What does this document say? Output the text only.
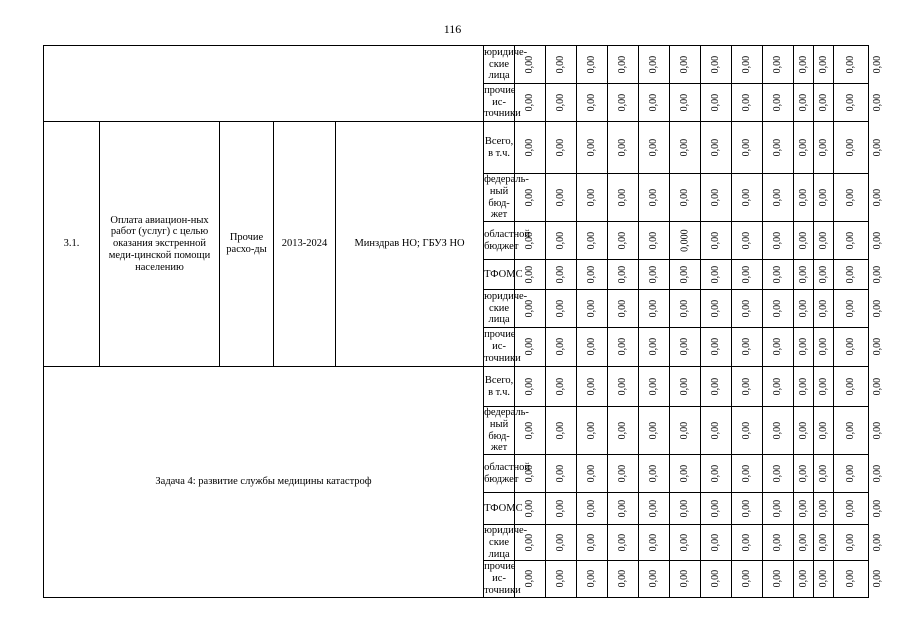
116
					юридиче-ские лица	0,00	0,00	0,00	0,00	0,00	0,00	0,00	0,00	0,00	0,00	0,00	0,00	0,00
					прочие ис-точники	0,00	0,00	0,00	0,00	0,00	0,00	0,00	0,00	0,00	0,00	0,00	0,00	0,00
3.1.	Оплата авиацион-ных работ (услуг) с целью оказания экстренной меди-цинской помощи населению	Прочие расхо-ды	2013-2024	Минздрав НО; ГБУЗ НО	Всего, в т.ч.	0,00	0,00	0,00	0,00	0,00	0,00	0,00	0,00	0,00	0,00	0,00	0,00	0,00
					федераль-ный бюд-жет	0,00	0,00	0,00	0,00	0,00	0,00	0,00	0,00	0,00	0,00	0,00	0,00	0,00
					областной бюджет	0,00	0,00	0,00	0,00	0,00	0,000	0,00	0,00	0,00	0,00	0,00	0,00	0,00
					ТФОМС	0,00	0,00	0,00	0,00	0,00	0,00	0,00	0,00	0,00	0,00	0,00	0,00	0,00
					юридиче-ские лица	0,00	0,00	0,00	0,00	0,00	0,00	0,00	0,00	0,00	0,00	0,00	0,00	0,00
					прочие ис-точники	0,00	0,00	0,00	0,00	0,00	0,00	0,00	0,00	0,00	0,00	0,00	0,00	0,00
Задача 4: развитие службы медицины катастроф					Всего, в т.ч.	0,00	0,00	0,00	0,00	0,00	0,00	0,00	0,00	0,00	0,00	0,00	0,00	0,00
					федераль-ный бюд-жет	0,00	0,00	0,00	0,00	0,00	0,00	0,00	0,00	0,00	0,00	0,00	0,00	0,00
					областной бюджет	0,00	0,00	0,00	0,00	0,00	0,00	0,00	0,00	0,00	0,00	0,00	0,00	0,00
					ТФОМС	0,00	0,00	0,00	0,00	0,00	0,00	0,00	0,00	0,00	0,00	0,00	0,00	0,00
					юридиче-ские лица	0,00	0,00	0,00	0,00	0,00	0,00	0,00	0,00	0,00	0,00	0,00	0,00	0,00
					прочие ис-точники	0,00	0,00	0,00	0,00	0,00	0,00	0,00	0,00	0,00	0,00	0,00	0,00	0,00
